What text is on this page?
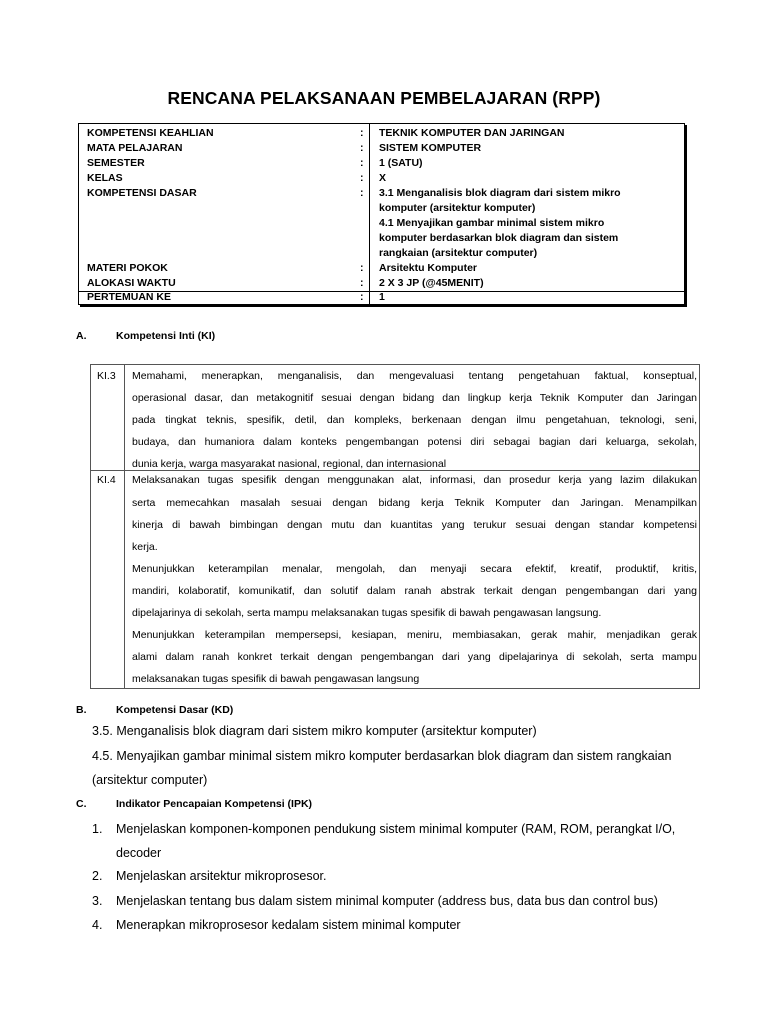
RENCANA PELAKSANAAN PEMBELAJARAN (RPP)
KOMPETENSI KEAHLIAN	: TEKNIK KOMPUTER DAN JARINGAN
MATA PELAJARAN	: SISTEM KOMPUTER
SEMESTER	: 1 (SATU)
KELAS	: X
KOMPETENSI DASAR	: 3.1 Menganalisis blok diagram dari sistem mikro
komputer (arsitektur komputer)
4.1 Menyajikan gambar minimal sistem mikro
komputer berdasarkan blok diagram dan sistem
rangkaian (arsitektur computer)
MATERI POKOK	: Arsitektu Komputer
ALOKASI WAKTU	: 2 X 3 JP (@45MENIT)
PERTEMUAN KE	: 1
A.	Kompetensi Inti (KI)
KI.3 Memahami, menerapkan, menganalisis, dan mengevaluasi tentang pengetahuan faktual, konseptual,

operasional dasar, dan metakognitif sesuai dengan bidang dan lingkup kerja Teknik Komputer dan Jaringan

pada tingkat teknis, spesifik, detil, dan kompleks, berkenaan dengan ilmu pengetahuan, teknologi, seni,

budaya, dan humaniora dalam konteks pengembangan potensi diri sebagai bagian dari keluarga, sekolah,

dunia kerja, warga masyarakat nasional, regional, dan internasional

KI.4 Melaksanakan tugas spesifik dengan menggunakan alat, informasi, dan prosedur kerja yang lazim dilakukan

serta memecahkan masalah sesuai dengan bidang kerja Teknik Komputer dan Jaringan. Menampilkan

kinerja di bawah bimbingan dengan mutu dan kuantitas yang terukur sesuai dengan standar kompetensi

kerja.

Menunjukkan keterampilan menalar, mengolah, dan menyaji secara efektif, kreatif, produktif, kritis,

mandiri, kolaboratif, komunikatif, dan solutif dalam ranah abstrak terkait dengan pengembangan dari yang

dipelajarinya di sekolah, serta mampu melaksanakan tugas spesifik di bawah pengawasan langsung.

Menunjukkan keterampilan mempersepsi, kesiapan, meniru, membiasakan, gerak mahir, menjadikan gerak

alami dalam ranah konkret terkait dengan pengembangan dari yang dipelajarinya di sekolah, serta mampu

melaksanakan tugas spesifik di bawah pengawasan langsung

B.	Kompetensi Dasar (KD)
3.5. Menganalisis blok diagram dari sistem mikro komputer (arsitektur komputer)
4.5. Menyajikan gambar minimal sistem mikro komputer berdasarkan blok diagram dan sistem rangkaian
(arsitektur computer)
C.	Indikator Pencapaian Kompetensi (IPK)
1. Menjelaskan komponen-komponen pendukung sistem minimal komputer (RAM, ROM, perangkat I/O,
decoder
2. Menjelaskan arsitektur mikroprosesor.
3. Menjelaskan tentang bus dalam sistem minimal komputer (address bus, data bus dan control bus)
4. Menerapkan mikroprosesor kedalam sistem minimal komputer
